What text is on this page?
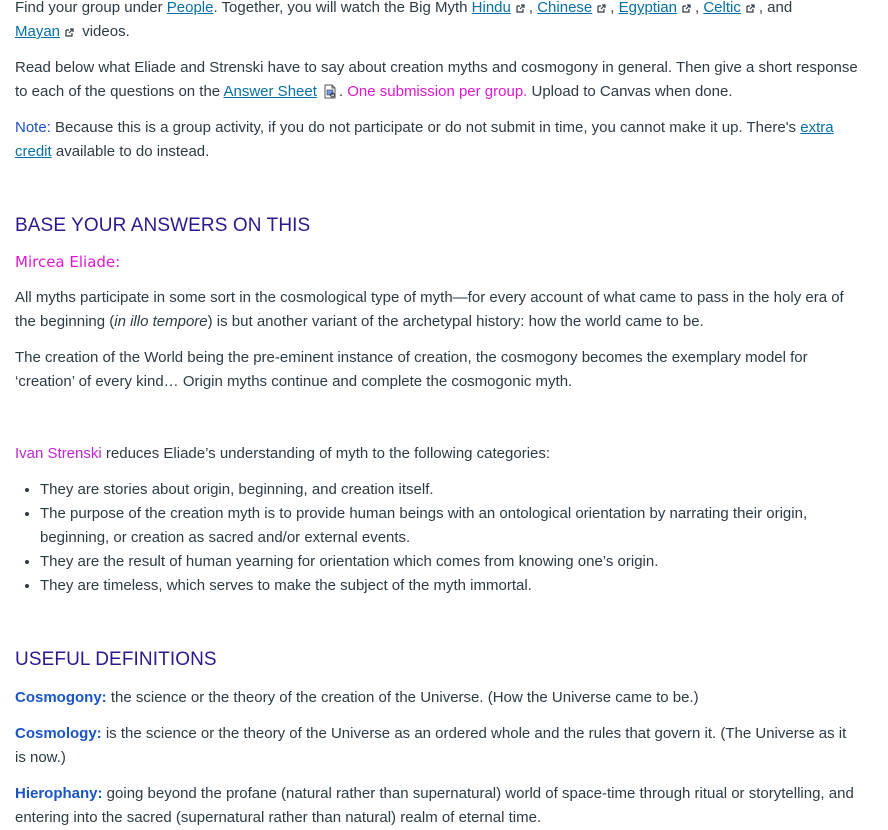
Find your group under People. Together, you will watch the Big Myth Hindu , Chinese , Egyptian , Celtic , and
Mayan videos.

Read below what Eliade and Strenski have to say about creation myths and cosmogony in general. Then give a short response to each of the questions on the Answer Sheet . One submission per group. Upload to Canvas when done.

Note: Because this is a group activity, if you do not participate or do not submit in time, you cannot make it up. There's extra credit available to do instead.

BASE YOUR ANSWERS ON THIS

Mircea Eliade:

All myths participate in some sort in the cosmological type of myth—for every account of what came to pass in the holy era of the beginning (in illo tempore) is but another variant of the archetypal history: how the world came to be.

The creation of the World being the pre-eminent instance of creation, the cosmogony becomes the exemplary model for ‘creation’ of every kind… Origin myths continue and complete the cosmogonic myth.

Ivan Strenski reduces Eliade’s understanding of myth to the following categories:

• They are stories about origin, beginning, and creation itself.
• The purpose of the creation myth is to provide human beings with an ontological orientation by narrating their origin, beginning, or creation as sacred and/or external events.
• They are the result of human yearning for orientation which comes from knowing one’s origin.
• They are timeless, which serves to make the subject of the myth immortal.
USEFUL DEFINITIONS

Cosmogony: the science or the theory of the creation of the Universe. (How the Universe came to be.)

Cosmology: is the science or the theory of the Universe as an ordered whole and the rules that govern it. (The Universe as it is now.)

Hierophany: going beyond the profane (natural rather than supernatural) world of space-time through ritual or storytelling, and entering into the sacred (supernatural rather than natural) realm of eternal time.
